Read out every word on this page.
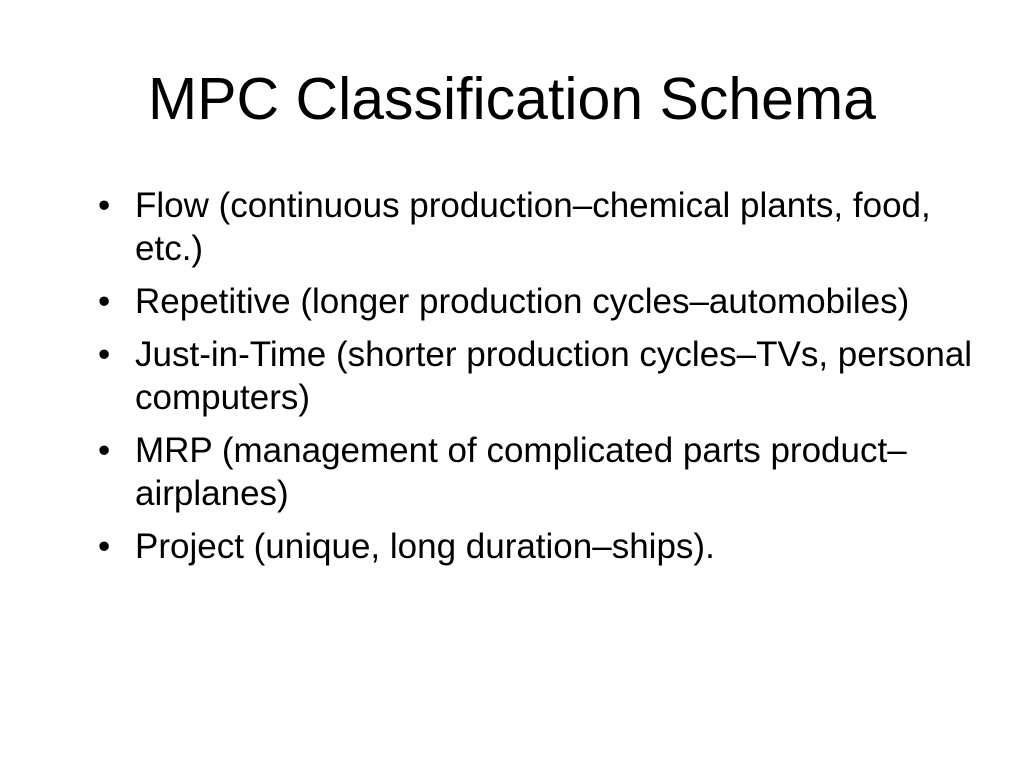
MPC Classification Schema
• Flow (continuous production–chemical plants, food, etc.)
• Repetitive (longer production cycles–automobiles)
• Just-in-Time (shorter production cycles–TVs, personal computers)
• MRP (management of complicated parts product–airplanes)
• Project (unique, long duration–ships).
